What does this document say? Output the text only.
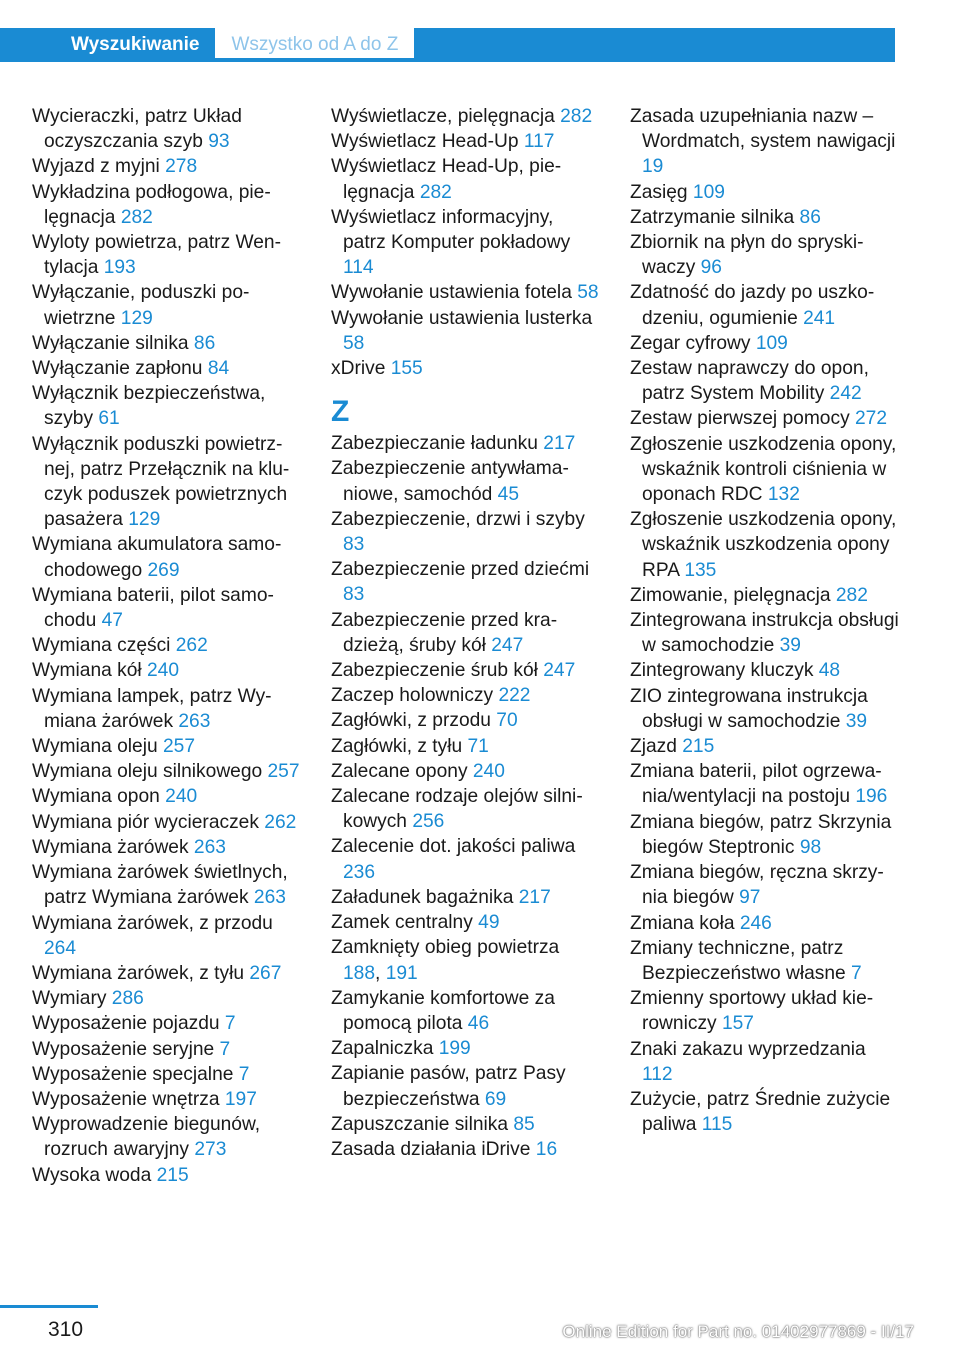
Wyszukiwanie	Wszystko od A do Z
Wycieraczki, patrz Układ oczyszczania szyb 93
Wyjazd z myjni 278
Wykładzina podłogowa, pielęgnacja 282
Wyloty powietrza, patrz Wentylacja 193
Wyłączanie, poduszki powietrzne 129
Wyłączanie silnika 86
Wyłączanie zapłonu 84
Wyłącznik bezpieczeństwa, szyby 61
Wyłącznik poduszki powietrznej, patrz Przełącznik na kluczyk poduszek powietrznych pasażera 129
Wymiana akumulatora samochodowego 269
Wymiana baterii, pilot samochodu 47
Wymiana części 262
Wymiana kół 240
Wymiana lampek, patrz Wymiana żarówek 263
Wymiana oleju 257
Wymiana oleju silnikowego 257
Wymiana opon 240
Wymiana piór wycieraczek 262
Wymiana żarówek 263
Wymiana żarówek świetlnych, patrz Wymiana żarówek 263
Wymiana żarówek, z przodu 264
Wymiana żarówek, z tyłu 267
Wymiary 286
Wyposażenie pojazdu 7
Wyposażenie seryjne 7
Wyposażenie specjalne 7
Wyposażenie wnętrza 197
Wyprowadzenie biegunów, rozruch awaryjny 273
Wysoka woda 215
Wyświetlacze, pielęgnacja 282
Wyświetlacz Head-Up 117
Wyświetlacz Head-Up, pielęgnacja 282
Wyświetlacz informacyjny, patrz Komputer pokładowy 114
Wywołanie ustawienia fotela 58
Wywołanie ustawienia lusterka 58
xDrive 155
Z
Zabezpieczanie ładunku 217
Zabezpieczenie antywłamaniowe, samochód 45
Zabezpieczenie, drzwi i szyby 83
Zabezpieczenie przed dziećmi 83
Zabezpieczenie przed kradzieżą, śruby kół 247
Zabezpieczenie śrub kół 247
Zaczep holowniczy 222
Zagłówki, z przodu 70
Zagłówki, z tyłu 71
Zalecane opony 240
Zalecane rodzaje olejów silnikowych 256
Zalecenie dot. jakości paliwa 236
Załadunek bagażnika 217
Zamek centralny 49
Zamknięty obieg powietrza 188, 191
Zamykanie komfortowe za pomocą pilota 46
Zapalniczka 199
Zapianie pasów, patrz Pasy bezpieczeństwa 69
Zapuszczanie silnika 85
Zasada działania iDrive 16
Zasada uzupełniania nazw – Wordmatch, system nawigacji 19
Zasięg 109
Zatrzymanie silnika 86
Zbiornik na płyn do spryskiwaczy 96
Zdatność do jazdy po uszkodzeniu, ogumienie 241
Zegar cyfrowy 109
Zestaw naprawczy do opon, patrz System Mobility 242
Zestaw pierwszej pomocy 272
Zgłoszenie uszkodzenia opony, wskaźnik kontroli ciśnienia w oponach RDC 132
Zgłoszenie uszkodzenia opony, wskaźnik uszkodzenia opony RPA 135
Zimowanie, pielęgnacja 282
Zintegrowana instrukcja obsługi w samochodzie 39
Zintegrowany kluczyk 48
ZIO zintegrowana instrukcja obsługi w samochodzie 39
Zjazd 215
Zmiana baterii, pilot ogrzewania/wentylacji na postoju 196
Zmiana biegów, patrz Skrzynia biegów Steptronic 98
Zmiana biegów, ręczna skrzynia biegów 97
Zmiana koła 246
Zmiany techniczne, patrz Bezpieczeństwo własne 7
Zmienny sportowy układ kierowniczy 157
Znaki zakazu wyprzedzania 112
Zużycie, patrz Średnie zużycie paliwa 115
310	Online Edition for Part no. 01402977869 - II/17
